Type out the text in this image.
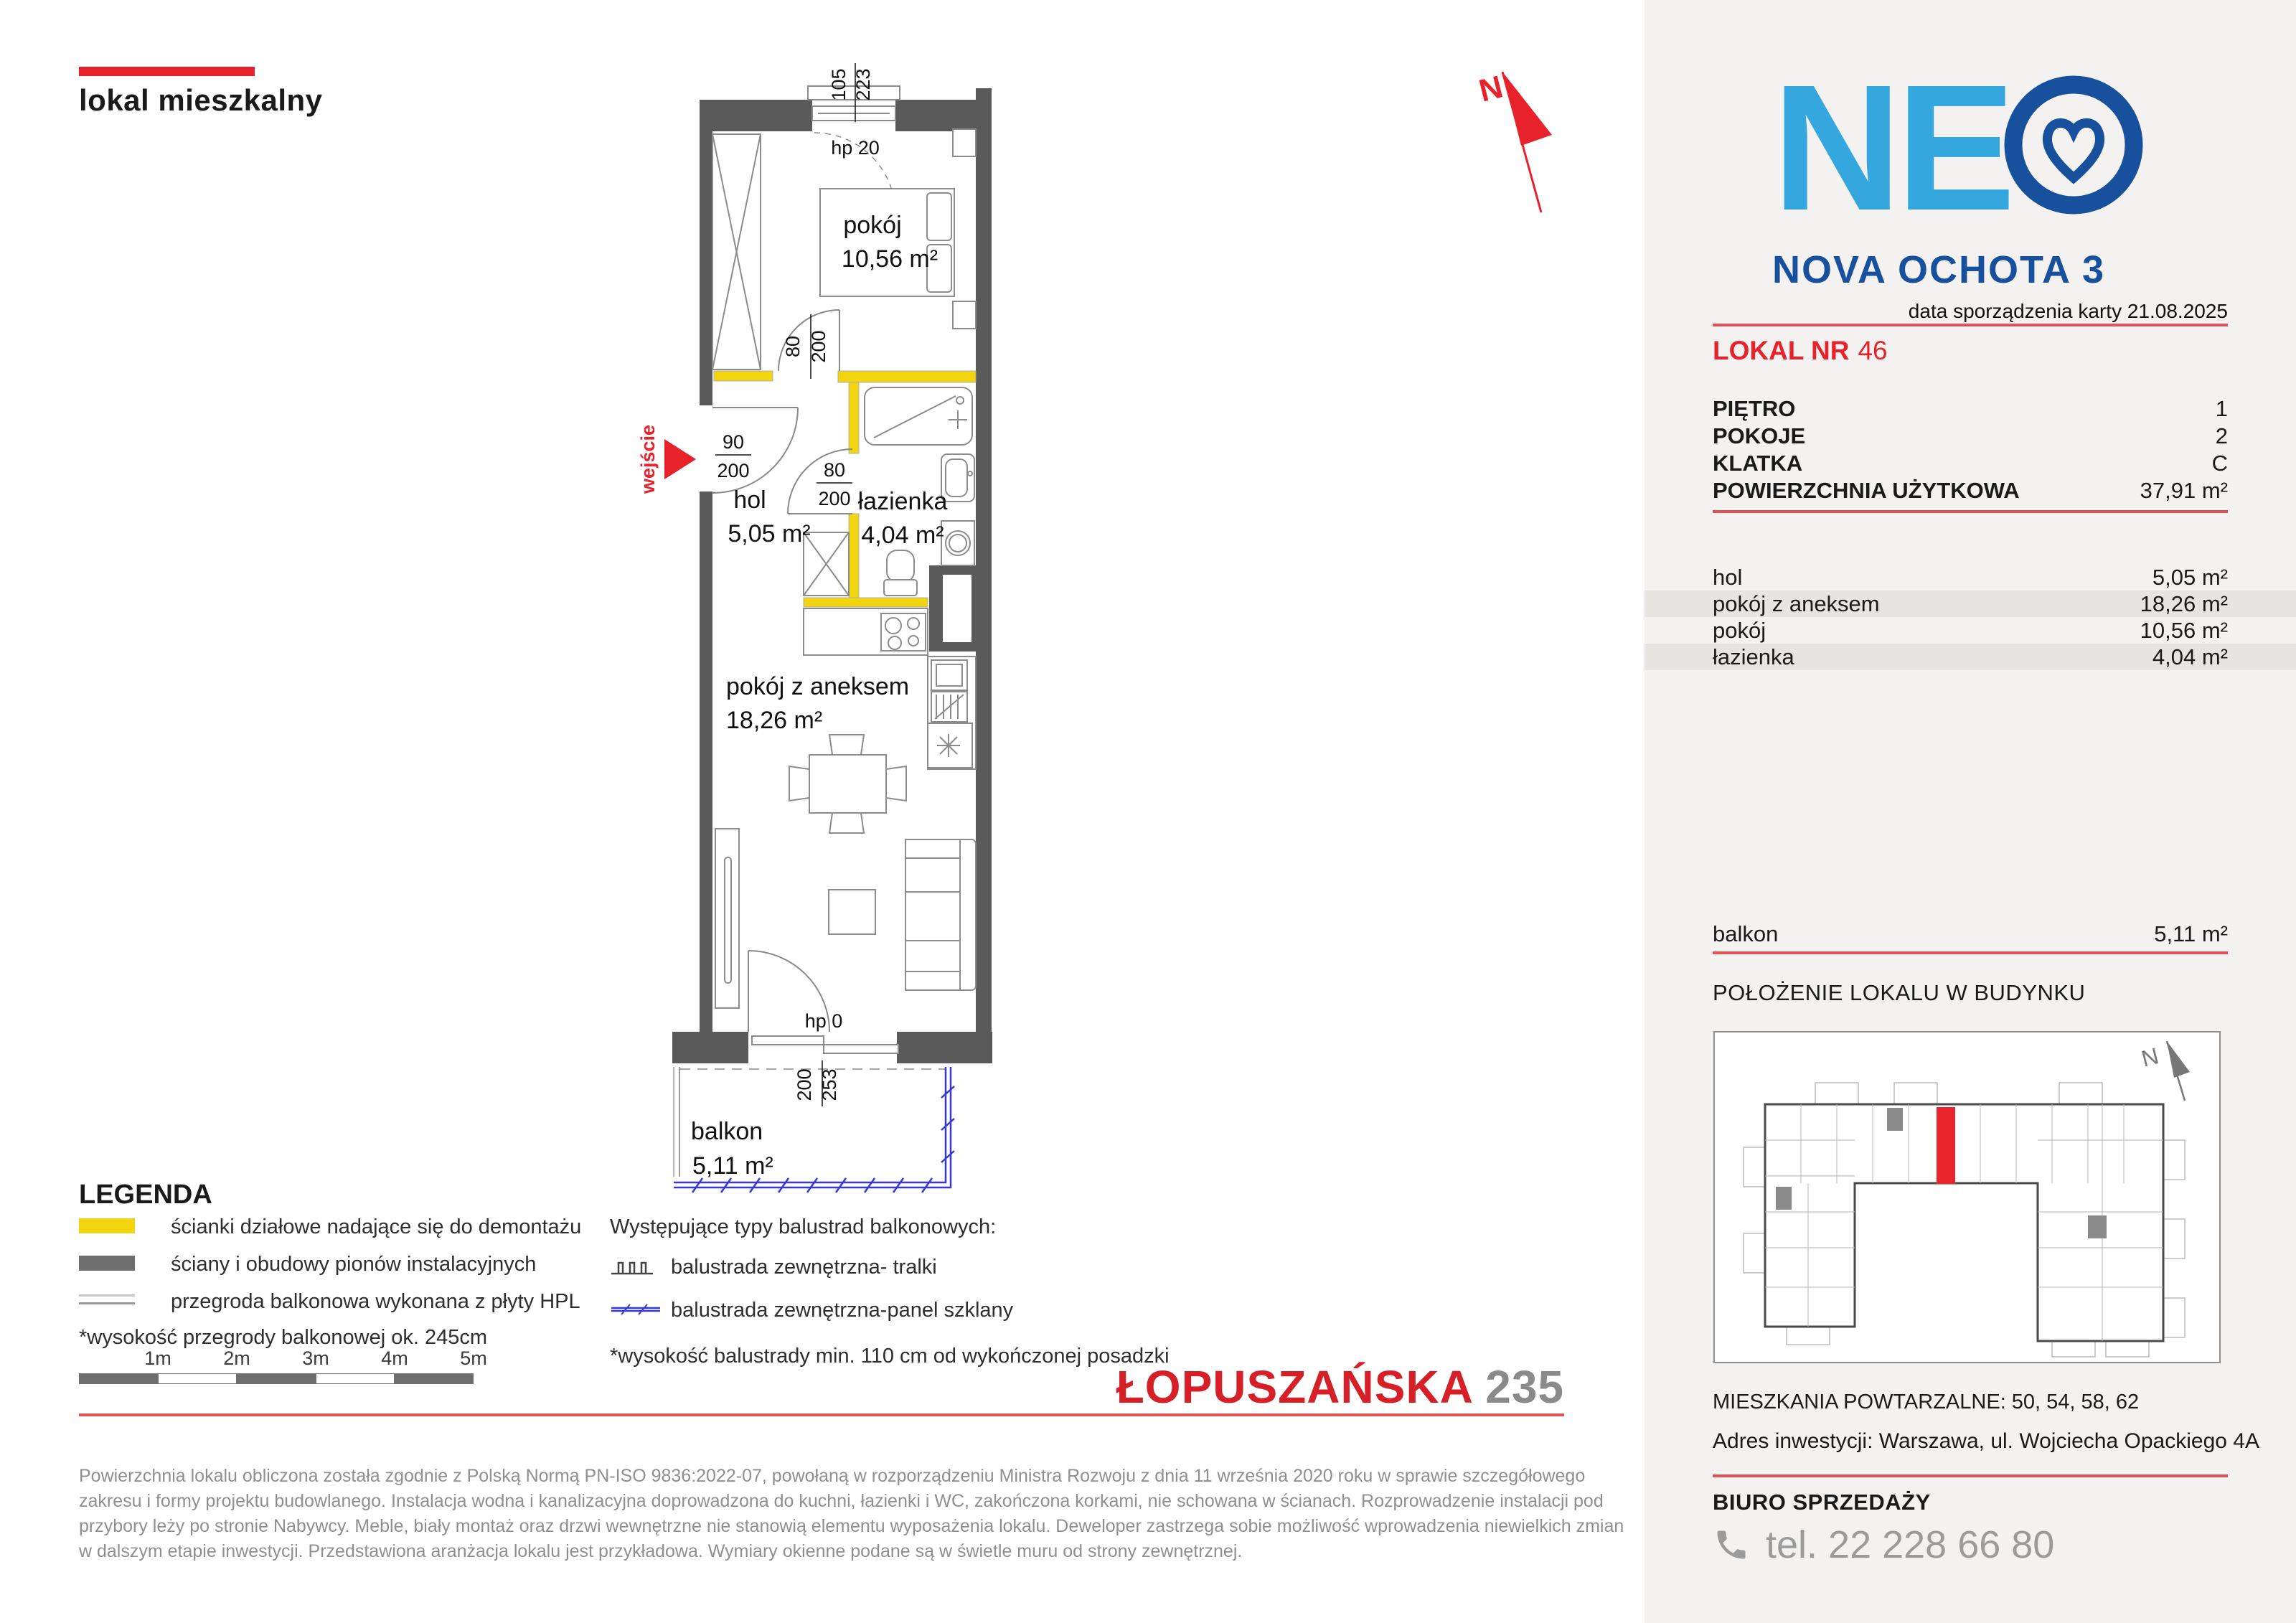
lokal mieszkalny	N
wejście
pokój
10,56 m²
hol
5,05 m²
łazienka
4,04 m²
pokój z aneksem
18,26 m²
balkon
5,11 m²
105 223
hp 20
80 200
90
200	80
200
hp 0
200 253
LEGENDA
ścianki działowe nadające się do demontażu
ściany i obudowy pionów instalacyjnych
przegroda balkonowa wykonana z płyty HPL
*wysokość przegrody balkonowej ok. 245cm
1m	2m	3m	4m	5m
Występujące typy balustrad balkonowych:
balustrada zewnętrzna- tralki
balustrada zewnętrzna-panel szklany
*wysokość balustrady min. 110 cm od wykończonej posadzki
ŁOPUSZAŃSKA 235
Powierzchnia lokalu obliczona została zgodnie z Polską Normą PN-ISO 9836:2022-07, powołaną w rozporządzeniu Ministra Rozwoju z dnia 11 września 2020 roku w sprawie szczegółowego zakresu i formy projektu budowlanego. Instalacja wodna i kanalizacyjna doprowadzona do kuchni, łazienki i WC, zakończona korkami, nie schowana w ścianach. Rozprowadzenie instalacji pod przybory leży po stronie Nabywcy. Meble, biały montaż oraz drzwi wewnętrzne nie stanowią elementu wyposażenia lokalu. Deweloper zastrzega sobie możliwość wprowadzenia niewielkich zmian w dalszym etapie inwestycji. Przedstawiona aranżacja lokalu jest przykładowa. Wymiary okienne podane są w świetle muru od strony zewnętrznej.
NE
NOVA OCHOTA 3
data sporządzenia karty 21.08.2025
LOKAL NR 46
PIĘTRO	1
POKOJE	2
KLATKA	C
POWIERZCHNIA UŻYTKOWA	37,91 m²
hol	5,05 m²
pokój z aneksem	18,26 m²
pokój	10,56 m²
łazienka	4,04 m²
balkon	5,11 m²
POŁOŻENIE LOKALU W BUDYNKU
N
MIESZKANIA POWTARZALNE: 50, 54, 58, 62
Adres inwestycji: Warszawa, ul. Wojciecha Opackiego 4A
BIURO SPRZEDAŻY
tel. 22 228 66 80
